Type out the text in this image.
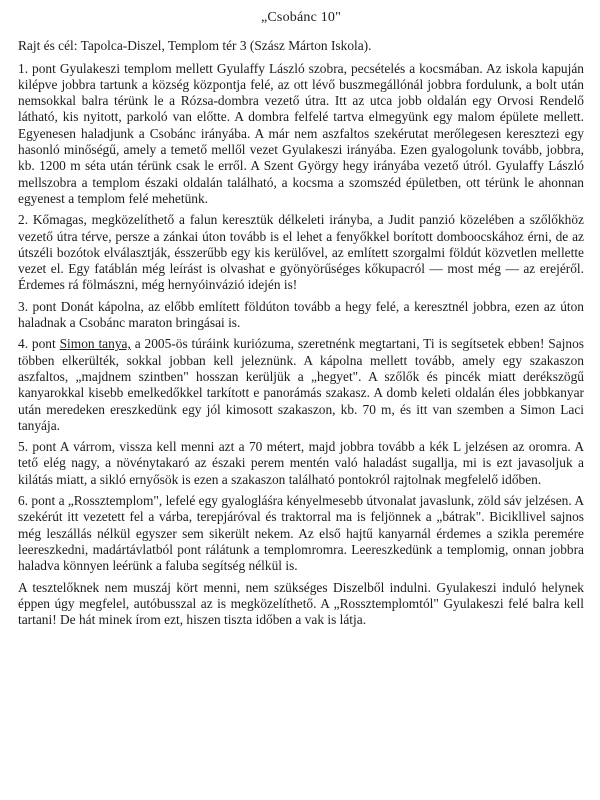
„Csobánc 10"
Rajt és cél: Tapolca-Diszel, Templom tér 3 (Szász Márton Iskola).

1. pont Gyulakeszi templom mellett Gyulaffy László szobra, pecsételés a kocsmában. Az iskola kapuján kilépve jobbra tartunk a község központja felé, az ott lévő buszmegállónál jobbra fordulunk, a bolt után nemsokkal balra térünk le a Rózsa-dombra vezető útra. Itt az utca jobb oldalán egy Orvosi Rendelő látható, kis nyitott, parkoló van előtte. A dombra felfelé tartva elmegyünk egy malom épülete mellett. Egyenesen haladjunk a Csobánc irányába. A már nem aszfaltos szekérutat merőlegesen keresztezi egy hasonló minőségű, amely a temető mellől vezet Gyulakeszi irányába. Ezen gyalogolunk tovább, jobbra, kb. 1200 m séta után térünk csak le erről. A Szent György hegy irányába vezető útról. Gyulaffy László mellszobra a templom északi oldalán található, a kocsma a szomszéd épületben, ott térünk le ahonnan egyenest a templom felé mehetünk.

2. Kőmagas, megközelíthető a falun keresztük délkeleti irányba, a Judit panzió közelében a szőlőkhöz vezető útra térve, persze a zánkai úton tovább is el lehet a fenyőkkel borított domboocskához érni, de az útszéli bozótok elválasztják, ésszerűbb egy kis kerülővel, az említett szorgalmi földút közvetlen mellette vezet el. Egy fatáblán még leírást is olvashat e gyönyörűséges kőkupacról — most még — az erejéről. Érdemes rá fölmászni, még hernyóinvázió idején is!

3. pont Donát kápolna, az előbb említett földúton tovább a hegy felé, a keresztnél jobbra, ezen az úton haladnak a Csobánc maraton bringásai is.

4. pont Simon tanya, a 2005-ös túráink kuriózuma, szeretnénk megtartani, Ti is segítsetek ebben! Sajnos többen elkerülték, sokkal jobban kell jeleznünk. A kápolna mellett tovább, amely egy szakaszon aszfaltos, „majdnem szintben" hosszan kerüljük a „hegyet". A szőlők és pincék miatt derékszögű kanyarokkal kisebb emelkedőkkel tarkított e panorámás szakasz. A domb keleti oldalán éles jobbkanyar után meredeken ereszkedünk egy jól kimosott szakaszon, kb. 70 m, és itt van szemben a Simon Laci tanyája.

5. pont A várrom, vissza kell menni azt a 70 métert, majd jobbra tovább a kék L jelzésen az oromra. A tető elég nagy, a növénytakaró az északi perem mentén való haladást sugallja, mi is ezt javasoljuk a kilátás miatt, a sikló ernyősök is ezen a szakaszon található pontokról rajtolnak megfelelő időben.

6. pont a „Rossztemplom", lefelé egy gyalogláśra kényelmesebb útvonalat javaslunk, zöld sáv jelzésen. A szekérút itt vezetett fel a várba, terepjáróval és traktorral ma is feljönnek a „bátrak". Bicikllivel sajnos még leszállás nélkül egyszer sem sikerült nekem. Az első hajtű kanyarnál érdemes a szikla peremére leereszkedni, madártávlatból pont rálátunk a templomromra. Leereszkedünk a templomig, onnan jobbra haladva könnyen leérünk a faluba segítség nélkül is.

A tesztelőknek nem muszáj kört menni, nem szükséges Diszelből indulni. Gyulakeszi induló helynek éppen úgy megfelel, autóbusszal az is megközelíthető. A „Rossztemplomtól" Gyulakeszi felé balra kell tartani! De hát minek írom ezt, hiszen tiszta időben a vak is látja.
